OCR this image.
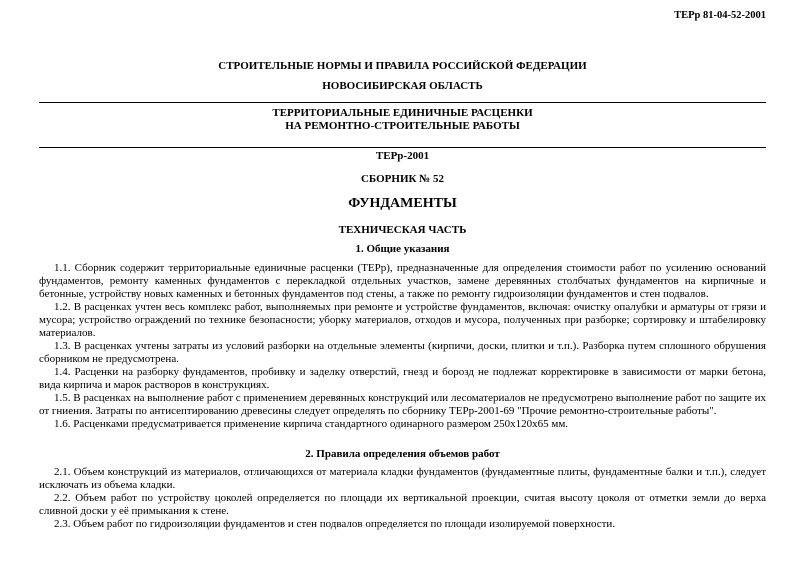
ТЕРр 81-04-52-2001
СТРОИТЕЛЬНЫЕ НОРМЫ И ПРАВИЛА РОССИЙСКОЙ ФЕДЕРАЦИИ
НОВОСИБИРСКАЯ ОБЛАСТЬ
ТЕРРИТОРИАЛЬНЫЕ ЕДИНИЧНЫЕ РАСЦЕНКИ
НА РЕМОНТНО-СТРОИТЕЛЬНЫЕ РАБОТЫ
ТЕРр-2001
СБОРНИК № 52
ФУНДАМЕНТЫ
ТЕХНИЧЕСКАЯ ЧАСТЬ
1. Общие указания

1.1. Сборник содержит территориальные единичные расценки (ТЕРр), предназначенные для определения стоимости работ по усилению оснований фундаментов, ремонту каменных фундаментов с перекладкой отдельных участков, замене деревянных столбчатых фундаментов на кирпичные и бетонные, устройству новых каменных и бетонных фундаментов под стены, а также по ремонту гидроизоляции фундаментов и стен подвалов.

1.2. В расценках учтен весь комплекс работ, выполняемых при ремонте и устройстве фундаментов, включая: очистку опалубки и арматуры от грязи и мусора; устройство ограждений по технике безопасности; уборку материалов, отходов и мусора, полученных при разборке; сортировку и штабелировку материалов.

1.3. В расценках учтены затраты из условий разборки на отдельные элементы (кирпичи, доски, плитки и т.п.). Разборка путем сплошного обрушения сборником не предусмотрена.

1.4. Расценки на разборку фундаментов, пробивку и заделку отверстий, гнезд и борозд не подлежат корректировке в зависимости от марки бетона, вида кирпича и марок растворов в конструкциях.

1.5. В расценках на выполнение работ с применением деревянных конструкций или лесоматериалов не предусмотрено выполнение работ по защите их от гниения. Затраты по антисептированию древесины следует определять по сборнику ТЕРр-2001-69 "Прочие ремонтно-строительные работы".

1.6. Расценками предусматривается применение кирпича стандартного одинарного размером 250х120х65 мм.

2. Правила определения объемов работ

2.1. Объем конструкций из материалов, отличающихся от материала кладки фундаментов (фундаментные плиты, фундаментные балки и т.п.), следует исключать из объема кладки.

2.2. Объем работ по устройству цоколей определяется по площади их вертикальной проекции, считая высоту цоколя от отметки земли до верха сливной доски у её примыкания к стене.

2.3. Объем работ по гидроизоляции фундаментов и стен подвалов определяется по площади изолируемой поверхности.
